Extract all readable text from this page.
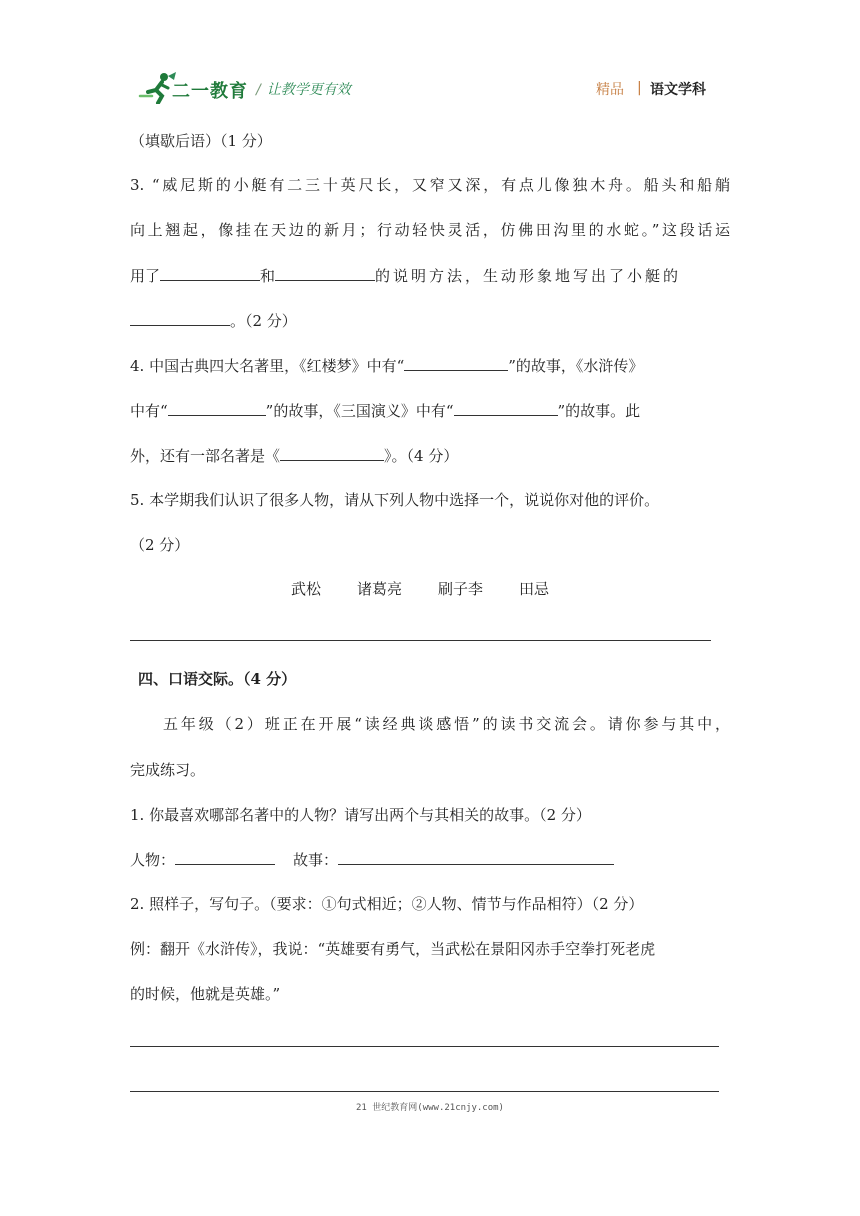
二一教育 / 让教学更有效	精品 | 语文学科
（填歇后语）（1 分）
3. “威尼斯的小艇有二三十英尺长，又窄又深，有点儿像独木舟。船头和船艄
向上翘起，像挂在天边的新月；行动轻快灵活，仿佛田沟里的水蛇。”这段话运
用了	和	的说明方法，生动形象地写出了小艇的
。（2 分）
4. 中国古典四大名著里，《红楼梦》中有“	”的故事，《水浒传》
中有“	”的故事，《三国演义》中有“	”的故事。此
外，还有一部名著是《	》。（4 分）
5. 本学期我们认识了很多人物，请从下列人物中选择一个，说说你对他的评价。
（2 分）
武松 诸葛亮 刷子李 田忌
四、口语交际。（4 分）
五年级（2）班正在开展“读经典谈感悟”的读书交流会。请你参与其中，
完成练习。
1. 你最喜欢哪部名著中的人物？请写出两个与其相关的故事。（2 分）
人物：	故事：
2. 照样子，写句子。（要求：①句式相近；②人物、情节与作品相符）（2 分）
例：翻开《水浒传》，我说：“英雄要有勇气，当武松在景阳冈赤手空拳打死老虎
的时候，他就是英雄。”
21 世纪教育网(www.21cnjy.com)
